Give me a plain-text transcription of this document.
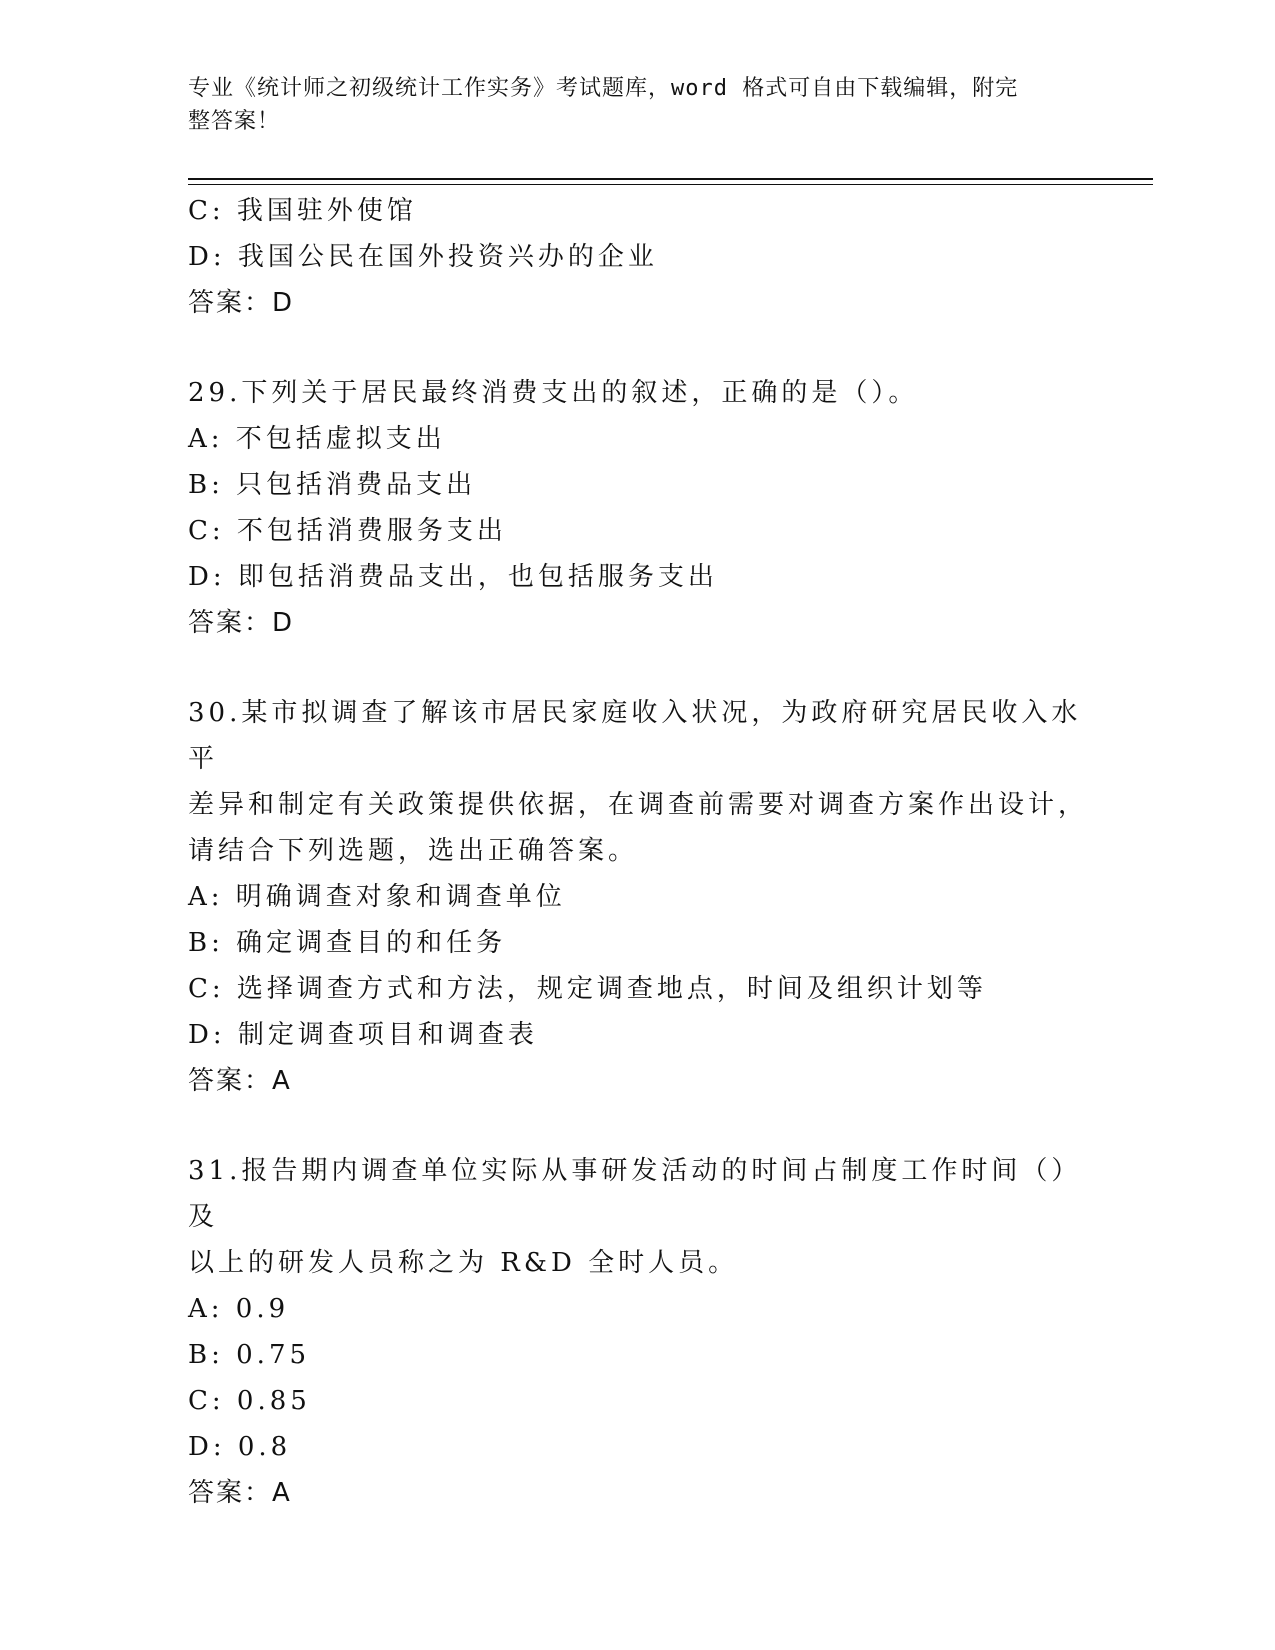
专业《统计师之初级统计工作实务》考试题库，word 格式可自由下载编辑，附完
整答案！
C: 我国驻外使馆
D: 我国公民在国外投资兴办的企业
答案：D
29.下列关于居民最终消费支出的叙述，正确的是（）。
A: 不包括虚拟支出
B: 只包括消费品支出
C: 不包括消费服务支出
D: 即包括消费品支出，也包括服务支出
答案：D
30.某市拟调查了解该市居民家庭收入状况，为政府研究居民收入水平
差异和制定有关政策提供依据，在调查前需要对调查方案作出设计，
请结合下列选题，选出正确答案。
A: 明确调查对象和调查单位
B: 确定调查目的和任务
C: 选择调查方式和方法，规定调查地点，时间及组织计划等
D: 制定调查项目和调查表
答案：A
31.报告期内调查单位实际从事研发活动的时间占制度工作时间（）及
以上的研发人员称之为 R&D 全时人员。
A: 0.9
B: 0.75
C: 0.85
D: 0.8
答案：A
